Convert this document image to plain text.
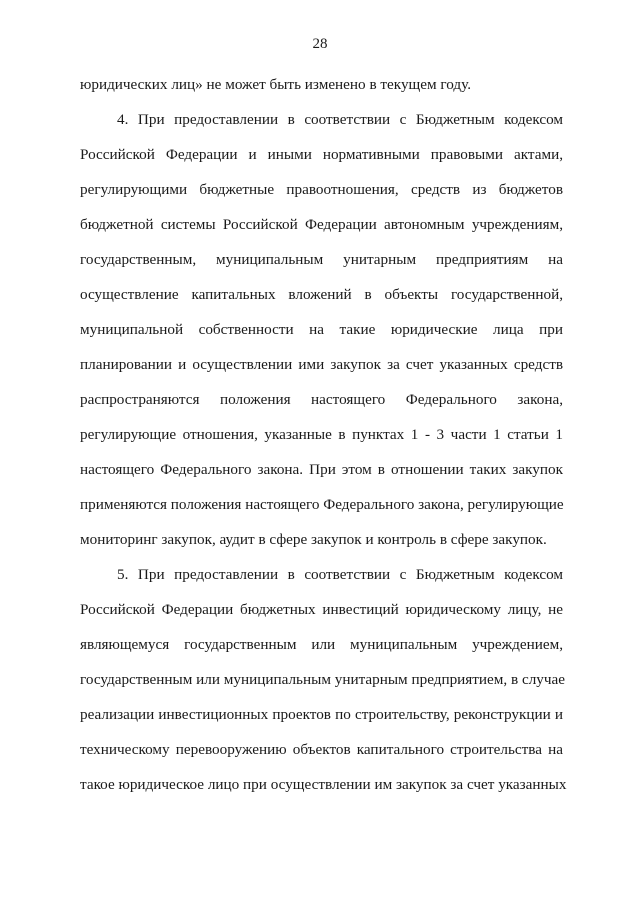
28
юридических лиц» не может быть изменено в текущем году.
4. При предоставлении в соответствии с Бюджетным кодексом
Российской Федерации и иными нормативными правовыми актами,
регулирующими бюджетные правоотношения, средств из бюджетов
бюджетной системы Российской Федерации автономным учреждениям,
государственным, муниципальным унитарным предприятиям на
осуществление капитальных вложений в объекты государственной,
муниципальной собственности на такие юридические лица при
планировании и осуществлении ими закупок за счет указанных средств
распространяются положения настоящего Федерального закона,
регулирующие отношения, указанные в пунктах 1 - 3 части 1 статьи 1
настоящего Федерального закона. При этом в отношении таких закупок
применяются положения настоящего Федерального закона, регулирующие
мониторинг закупок, аудит в сфере закупок и контроль в сфере закупок.
5. При предоставлении в соответствии с Бюджетным кодексом
Российской Федерации бюджетных инвестиций юридическому лицу, не
являющемуся государственным или муниципальным учреждением,
государственным или муниципальным унитарным предприятием, в случае
реализации инвестиционных проектов по строительству, реконструкции и
техническому перевооружению объектов капитального строительства на
такое юридическое лицо при осуществлении им закупок за счет указанных
